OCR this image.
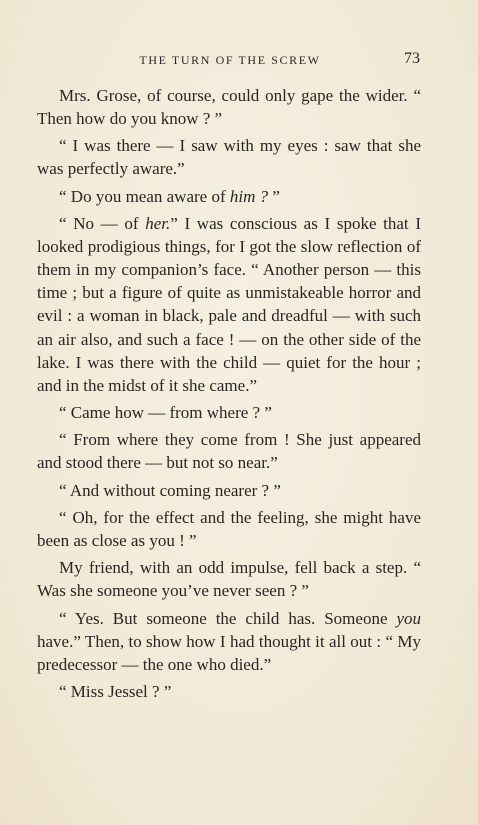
THE TURN OF THE SCREW	73

Mrs. Grose, of course, could only gape the wider. “ Then how do you know ? ”

“ I was there — I saw with my eyes : saw that she was perfectly aware.”

“ Do you mean aware of him ? ”

“ No — of her.” I was conscious as I spoke that I looked prodigious things, for I got the slow reflection of them in my companion’s face. “ Another person — this time ; but a figure of quite as unmistakeable horror and evil : a woman in black, pale and dreadful — with such an air also, and such a face ! — on the other side of the lake. I was there with the child — quiet for the hour ; and in the midst of it she came.”

“ Came how — from where ? ”

“ From where they come from ! She just appeared and stood there — but not so near.”

“ And without coming nearer ? ”

“ Oh, for the effect and the feeling, she might have been as close as you ! ”

My friend, with an odd impulse, fell back a step. “ Was she someone you’ve never seen ? ”

“ Yes. But someone the child has. Someone you have.” Then, to show how I had thought it all out : “ My predecessor — the one who died.”

“ Miss Jessel ? ”
